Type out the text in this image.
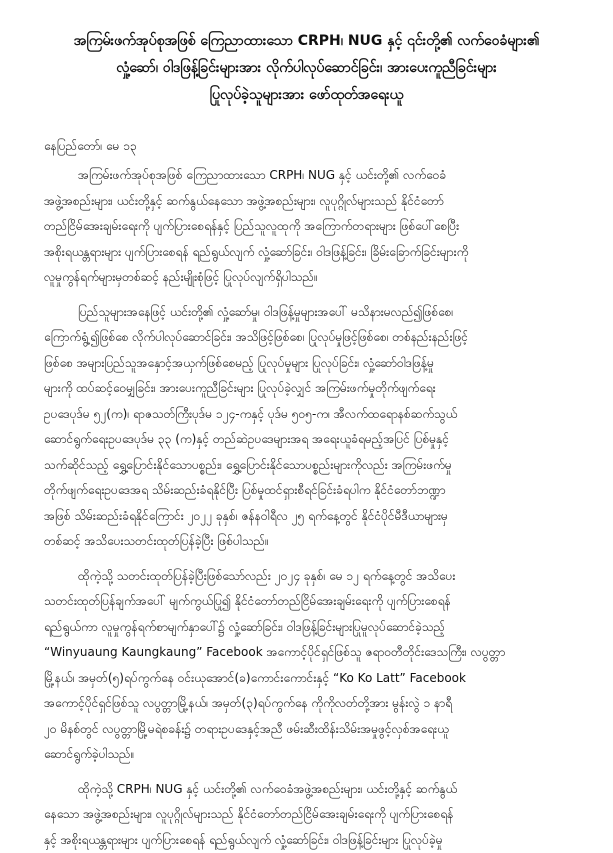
အကြမ်းဖက်အုပ်စုအဖြစ် ကြေညာထားသော CRPH၊ NUG နှင့် ၎င်းတို့၏ လက်ဝေခံများ၏
လှုံ့ဆော်၊ ဝါဒဖြန့်ခြင်းများအား လိုက်ပါလုပ်ဆောင်ခြင်း၊ အားပေးကူညီခြင်းများ
ပြုလုပ်ခဲ့သူများအား ဖော်ထုတ်အရေးယူ
နေပြည်တော်၊ မေ ၁၃
အကြမ်းဖက်အုပ်စုအဖြစ် ကြေညာထားသော CRPH၊ NUG နှင့် ယင်းတို့၏ လက်ဝေခံ
အဖွဲ့အစည်းများ၊ ယင်းတို့နှင့် ဆက်နွယ်နေသော အဖွဲ့အစည်းများ၊ လူပုဂ္ဂိုလ်များသည် နိုင်ငံတော်
တည်ငြိမ်အေးချမ်းရေးကို ပျက်ပြားစေရန်နှင့် ပြည်သူလူထုကို အကြောက်တရားများ ဖြစ်ပေါ်စေပြီး
အစိုးရယန္တရားများ ပျက်ပြားစေရန် ရည်ရွယ်လျက် လှုံ့ဆော်ခြင်း၊ ဝါဒဖြန့်ခြင်း၊ ခြိမ်းခြောက်ခြင်းများကို
လူမှုကွန်ရက်များမှတစ်ဆင့် နည်းမျိုးစုံဖြင့် ပြုလုပ်လျက်ရှိပါသည်။
ပြည်သူများအနေဖြင့် ယင်းတို့၏ လှုံ့ဆော်မှု၊ ဝါဒဖြန့်မှုများအပေါ် မသိနားမလည်၍ဖြစ်စေ၊
ကြောက်ရွံ့၍ဖြစ်စေ လိုက်ပါလုပ်ဆောင်ခြင်း၊ အသိဖြင့်ဖြစ်စေ၊ ပြုလုပ်မှုဖြင့်ဖြစ်စေ၊ တစ်နည်းနည်းဖြင့်
ဖြစ်စေ အများပြည်သူအနှောင့်အယှက်ဖြစ်စေမည့် ပြုလုပ်မှုများ ပြုလုပ်ခြင်း၊ လှုံ့ဆော်ဝါဒဖြန့်မှု
များကို ထပ်ဆင့်ဝေမျှခြင်း၊ အားပေးကူညီခြင်းများ ပြုလုပ်ခဲ့လျှင် အကြမ်းဖက်မှုတိုက်ဖျက်ရေး
ဥပဒေပုဒ်မ ၅၂(က)၊ ရာဇသတ်ကြီးပုဒ်မ ၁၂၄-ကနှင့် ပုဒ်မ ၅၀၅-က၊ အီလက်ထရောနစ်ဆက်သွယ်
ဆောင်ရွက်ရေးဥပဒေပုဒ်မ ၃၃ (က)နှင့် တည်ဆဲဥပဒေများအရ အရေးယူခံရမည့်အပြင် ပြစ်မှုနှင့်
သက်ဆိုင်သည့် ရွှေ့ပြောင်းနိုင်သောပစ္စည်း၊ ရွှေ့ပြောင်းနိုင်သောပစ္စည်းများကိုလည်း အကြမ်းဖက်မှု
တိုက်ဖျက်ရေးဥပဒေအရ သိမ်းဆည်းခံရနိုင်ပြီး ပြစ်မှုထင်ရှားစီရင်ခြင်းခံရပါက နိုင်ငံတော်ဘဏ္ဍာ
အဖြစ် သိမ်းဆည်းခံရနိုင်ကြောင်း ၂၀၂၂ ခုနှစ်၊ ဇန်နဝါရီလ ၂၅ ရက်နေ့တွင် နိုင်ငံပိုင်မီဒီယာများမှ
တစ်ဆင့် အသိပေးသတင်းထုတ်ပြန်ခဲ့ပြီး ဖြစ်ပါသည်။
ထိုကဲ့သို့ သတင်းထုတ်ပြန်ခဲ့ပြီးဖြစ်သော်လည်း ၂၀၂၄ ခုနှစ်၊ မေ ၁၂ ရက်နေ့တွင် အသိပေး
သတင်းထုတ်ပြန်ချက်အပေါ် မျက်ကွယ်ပြု၍ နိုင်ငံတော်တည်ငြိမ်အေးချမ်းရေးကို ပျက်ပြားစေရန်
ရည်ရွယ်ကာ လူမှုကွန်ရက်စာမျက်နှာပေါ်၌ လှုံ့ဆော်ခြင်း၊ ဝါဒဖြန့်ခြင်းများပြုမူလုပ်ဆောင်ခဲ့သည့်
“Winyuaung Kaungkaung” Facebook အကောင့်ပိုင်ရှင်ဖြစ်သူ ဇရာဝတီတိုင်းဒေသကြီး၊ လပွတ္တာ
မြို့နယ်၊ အမှတ်(၅)ရပ်ကွက်နေ ဝင်းယုအောင်(ခ)ကောင်းကောင်းနှင့် “Ko Ko Latt” Facebook
အကောင့်ပိုင်ရှင်ဖြစ်သူ လပွတ္တာမြို့နယ်၊ အမှတ်(၃)ရပ်ကွက်နေ ကိုကိုလတ်တို့အား မွန်းလွဲ ၁ နာရီ
၂၀ မိနစ်တွင် လပွတ္တာမြို့မရဲစခန်း၌ တရားဥပဒေနှင့်အညီ ဖမ်းဆီးထိန်းသိမ်းအမှုဖွင့်လှစ်အရေးယူ
ဆောင်ရွက်ခဲ့ပါသည်။
ထိုကဲ့သို့ CRPH၊ NUG နှင့် ယင်းတို့၏ လက်ဝေခံအဖွဲ့အစည်းများ၊ ယင်းတို့နှင့် ဆက်နွယ်
နေသော အဖွဲ့အစည်းများ၊ လူပုဂ္ဂိုလ်များသည် နိုင်ငံတော်တည်ငြိမ်အေးချမ်းရေးကို ပျက်ပြားစေရန်
နှင့် အစိုးရယန္တရားများ ပျက်ပြားစေရန် ရည်ရွယ်လျက် လှုံ့ဆော်ခြင်း၊ ဝါဒဖြန့်ခြင်းများ ပြုလုပ်ခဲ့မှု
